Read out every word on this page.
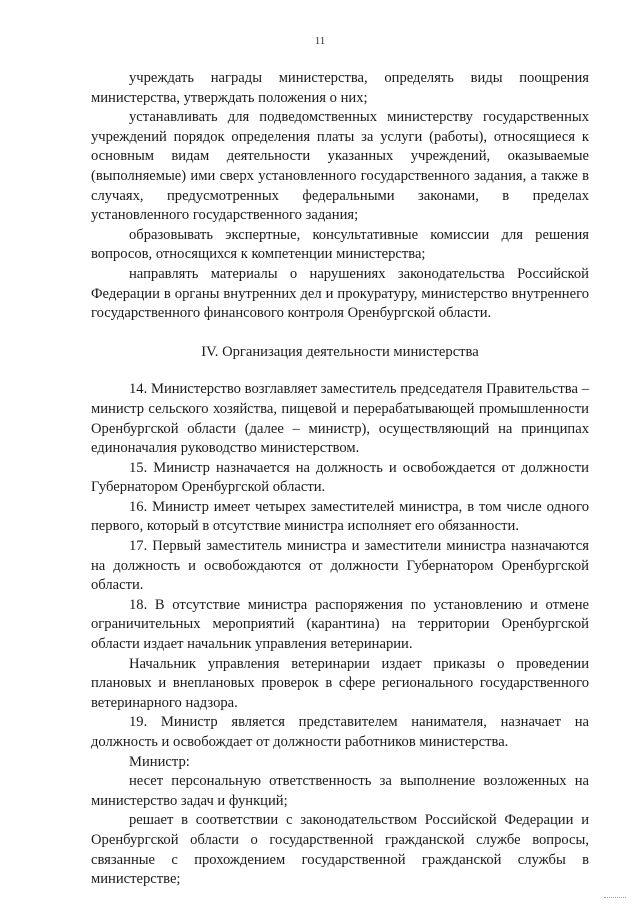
11

учреждать награды министерства, определять виды поощрения министерства, утверждать положения о них;

устанавливать для подведомственных министерству государственных учреждений порядок определения платы за услуги (работы), относящиеся к основным видам деятельности указанных учреждений, оказываемые (выполняемые) ими сверх установленного государственного задания, а также в случаях, предусмотренных федеральными законами, в пределах установленного государственного задания;

образовывать экспертные, консультативные комиссии для решения вопросов, относящихся к компетенции министерства;

направлять материалы о нарушениях законодательства Российской Федерации в органы внутренних дел и прокуратуру, министерство внутреннего государственного финансового контроля Оренбургской области.

IV. Организация деятельности министерства

14. Министерство возглавляет заместитель председателя Правительства – министр сельского хозяйства, пищевой и перерабатывающей промышленности Оренбургской области (далее – министр), осуществляющий на принципах единоначалия руководство министерством.

15. Министр назначается на должность и освобождается от должности Губернатором Оренбургской области.

16. Министр имеет четырех заместителей министра, в том числе одного первого, который в отсутствие министра исполняет его обязанности.

17. Первый заместитель министра и заместители министра назначаются на должность и освобождаются от должности Губернатором Оренбургской области.

18. В отсутствие министра распоряжения по установлению и отмене ограничительных мероприятий (карантина) на территории Оренбургской области издает начальник управления ветеринарии.

Начальник управления ветеринарии издает приказы о проведении плановых и внеплановых проверок в сфере регионального государственного ветеринарного надзора.

19. Министр является представителем нанимателя, назначает на должность и освобождает от должности работников министерства.

Министр:

несет персональную ответственность за выполнение возложенных на министерство задач и функций;

решает в соответствии с законодательством Российской Федерации и Оренбургской области о государственной гражданской службе вопросы, связанные с прохождением государственной гражданской службы в министерстве;
